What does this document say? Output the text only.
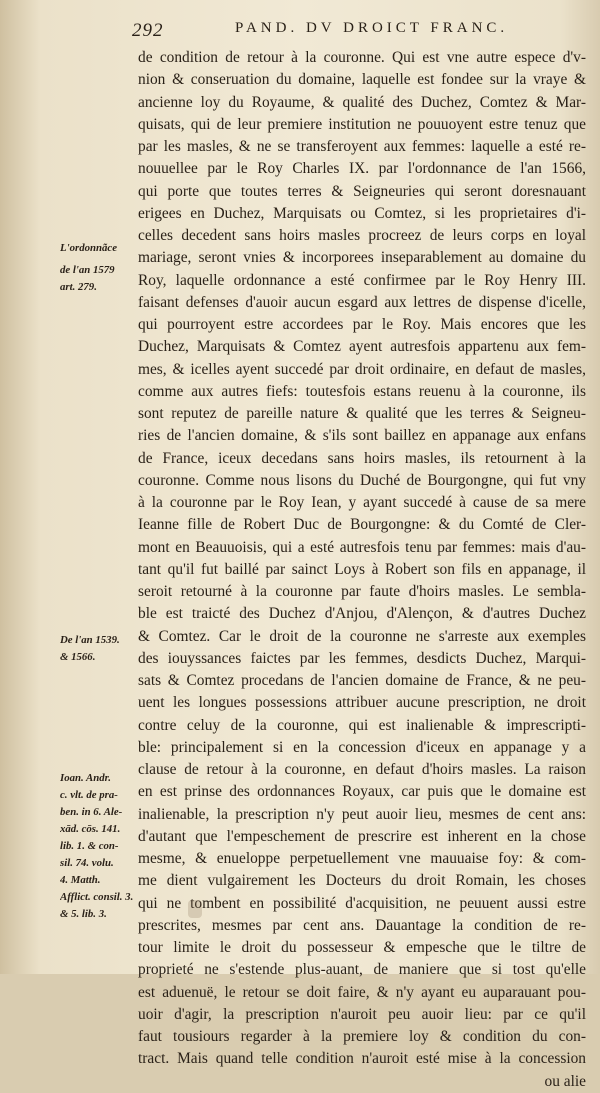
292	PAND. DV DROICT FRANC.
de condition de retour à la couronne. Qui est vne autre espece d'v-
nion & conseruation du domaine, laquelle est fondee sur la vraye &
ancienne loy du Royaume, & qualité des Duchez, Comtez & Mar-
quisats, qui de leur premiere institution ne pouuoyent estre tenuz que
par les masles, & ne se transferoyent aux femmes: laquelle a esté re-
nouuellee par le Roy Charles IX. par l'ordonnance de l'an 1566,
qui porte que toutes terres & Seigneuries qui seront doresnauant
erigees en Duchez, Marquisats ou Comtez, si les proprietaires d'i-
celles decedent sans hoirs masles procreez de leurs corps en loyal
mariage, seront vnies & incorporees inseparablement au domaine du
Roy, laquelle ordonnance a esté confirmee par le Roy Henry III.
faisant defenses d'auoir aucun esgard aux lettres de dispense d'icelle,
qui pourroyent estre accordees par le Roy. Mais encores que les
Duchez, Marquisats & Comtez ayent autresfois appartenu aux fem-
mes, & icelles ayent succedé par droit ordinaire, en defaut de masles,
comme aux autres fiefs: toutesfois estans reuenu à la couronne, ils
sont reputez de pareille nature & qualité que les terres & Seigneu-
ries de l'ancien domaine, & s'ils sont baillez en appanage aux enfans
de France, iceux decedans sans hoirs masles, ils retournent à la
couronne. Comme nous lisons du Duché de Bourgongne, qui fut vny
à la couronne par le Roy Iean, y ayant succedé à cause de sa mere
Ieanne fille de Robert Duc de Bourgongne: & du Comté de Cler-
mont en Beauuoisis, qui a esté autresfois tenu par femmes: mais d'au-
tant qu'il fut baillé par sainct Loys à Robert son fils en appanage, il
seroit retourné à la couronne par faute d'hoirs masles. Le sembla-
ble est traicté des Duchez d'Anjou, d'Alençon, & d'autres Duchez
& Comtez. Car le droit de la couronne ne s'arreste aux exemples
des iouyssances faictes par les femmes, desdicts Duchez, Marqui-
sats & Comtez procedans de l'ancien domaine de France, & ne peu-
uent les longues possessions attribuer aucune prescription, ne droit
contre celuy de la couronne, qui est inalienable & imprescripti-
ble: principalement si en la concession d'iceux en appanage y a
clause de retour à la couronne, en defaut d'hoirs masles. La raison
en est prinse des ordonnances Royaux, car puis que le domaine est
inalienable, la prescription n'y peut auoir lieu, mesmes de cent ans:
d'autant que l'empeschement de prescrire est inherent en la chose
mesme, & enueloppe perpetuellement vne mauuaise foy: & com-
me dient vulgairement les Docteurs du droit Romain, les choses
qui ne tombent en possibilité d'acquisition, ne peuuent aussi estre
prescrites, mesmes par cent ans. Dauantage la condition de re-
tour limite le droit du possesseur & empesche que le tiltre de
proprieté ne s'estende plus-auant, de maniere que si tost qu'elle
est aduenuë, le retour se doit faire, & n'y ayant eu auparauant pou-
uoir d'agir, la prescription n'auroit peu auoir lieu: par ce qu'il
faut tousiours regarder à la premiere loy & condition du con-
tract. Mais quand telle condition n'auroit esté mise à la concession
ou alie
L'ordonnãce
de l'an 1579
art. 279.
De l'an 1539.
& 1566.
Ioan. Andr.
c. vlt. de pra-
ben. in 6. Ale-
xād. cōs. 141.
lib. 1. & con-
sil. 74. volu.
4. Matth.
Afflict. consil. 3.
& 5. lib. 3.
